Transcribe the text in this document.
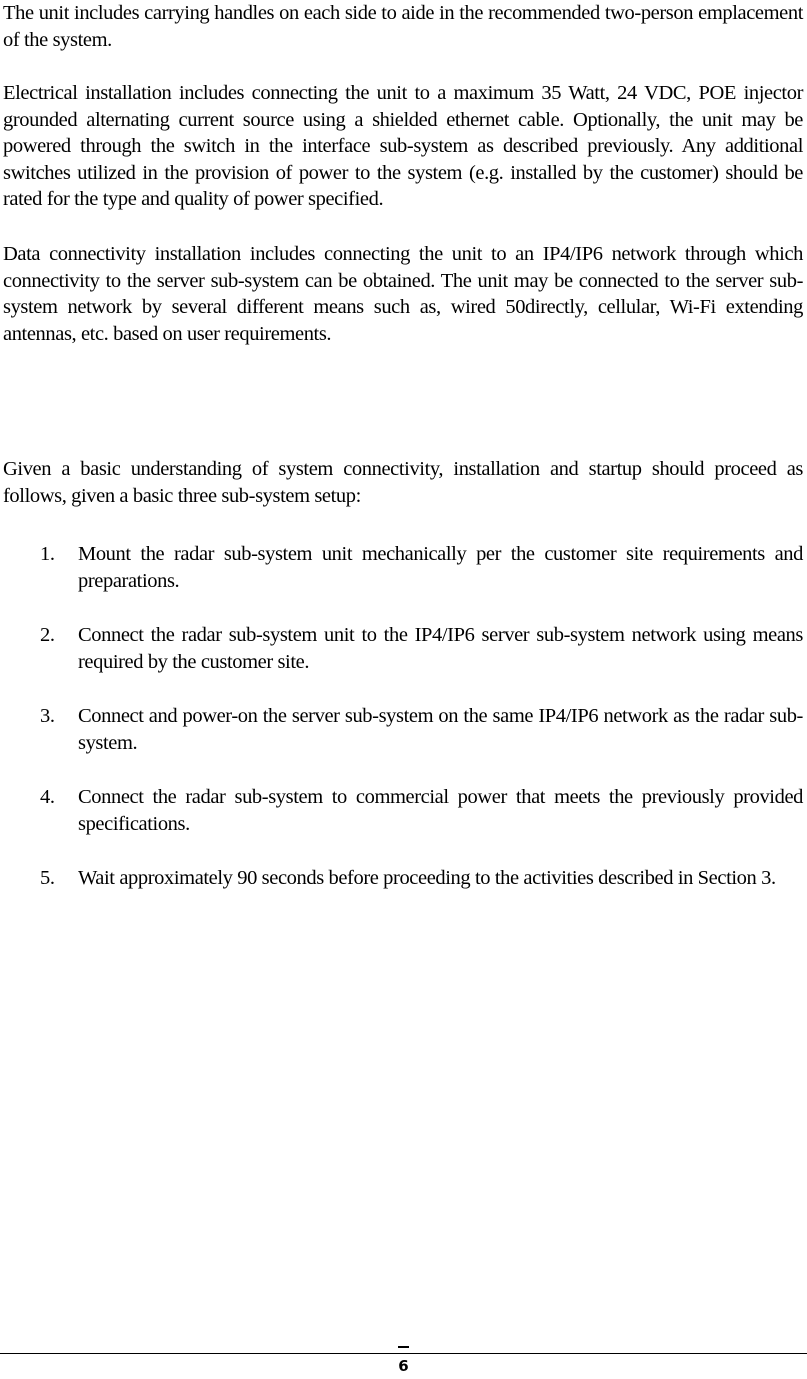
The unit includes carrying handles on each side to aide in the recommended two-person emplacement of the system.

Electrical installation includes connecting the unit to a maximum 35 Watt, 24 VDC, POE injector grounded alternating current source using a shielded ethernet cable. Optionally, the unit may be powered through the switch in the interface sub-system as described previously. Any additional switches utilized in the provision of power to the system (e.g. installed by the customer) should be rated for the type and quality of power specified.

Data connectivity installation includes connecting the unit to an IP4/IP6 network through which connectivity to the server sub-system can be obtained. The unit may be connected to the server sub-system network by several different means such as, wired 50directly, cellular, Wi-Fi extending antennas, etc. based on user requirements.

Given a basic understanding of system connectivity, installation and startup should proceed as follows, given a basic three sub-system setup:

1. Mount the radar sub-system unit mechanically per the customer site requirements and preparations.
2. Connect the radar sub-system unit to the IP4/IP6 server sub-system network using means required by the customer site.
3. Connect and power-on the server sub-system on the same IP4/IP6 network as the radar sub-system.
4. Connect the radar sub-system to commercial power that meets the previously provided specifications.
5. Wait approximately 90 seconds before proceeding to the activities described in Section 3.
6
